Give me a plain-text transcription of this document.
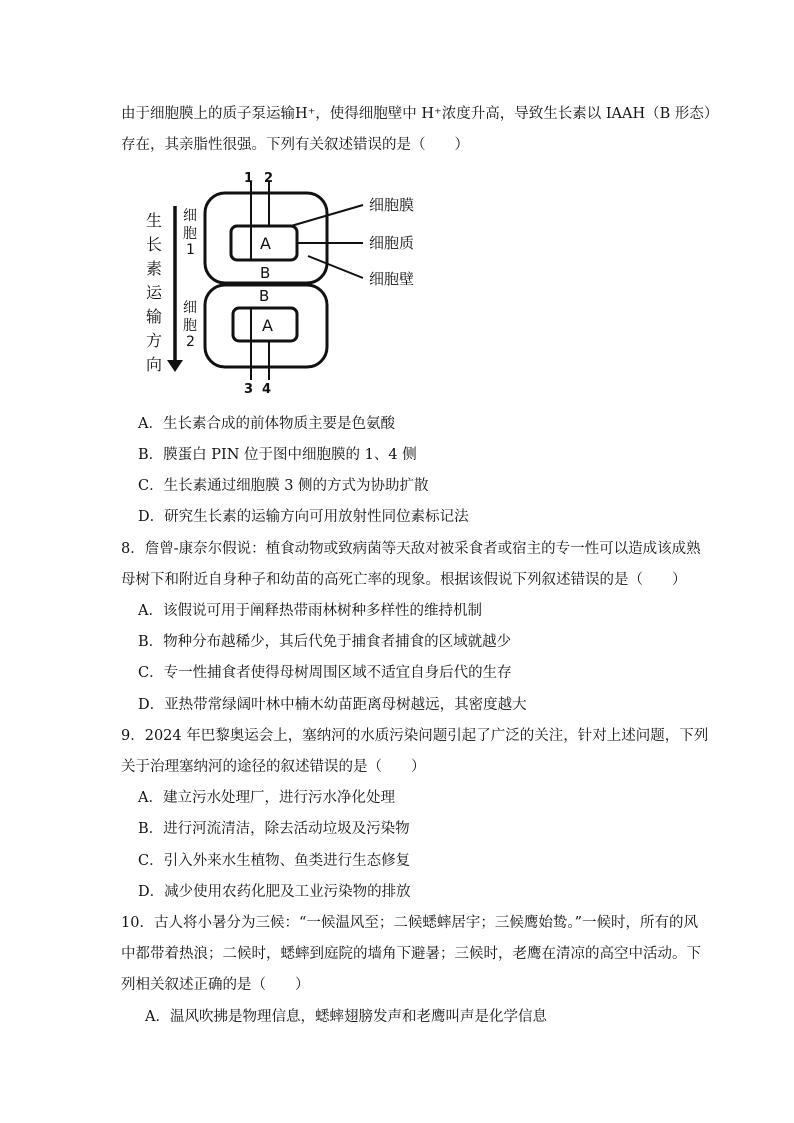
由于细胞膜上的质子泵运输H⁺，使得细胞壁中 H⁺浓度升高，导致生长素以 IAAH（B 形态）
存在，其亲脂性很强。下列有关叙述错误的是（　　）
生
长
素
运
输
方
向
细
胞
1
细
胞
2
A
B
A
B
1 2
3 4
细胞膜
细胞质
细胞壁
A．生长素合成的前体物质主要是色氨酸
B．膜蛋白 PIN 位于图中细胞膜的 1、4 侧
C．生长素通过细胞膜 3 侧的方式为协助扩散
D．研究生长素的运输方向可用放射性同位素标记法
8．詹曾-康奈尔假说：植食动物或致病菌等天敌对被采食者或宿主的专一性可以造成该成熟
母树下和附近自身种子和幼苗的高死亡率的现象。根据该假说下列叙述错误的是（　　）
A．该假说可用于阐释热带雨林树种多样性的维持机制
B．物种分布越稀少，其后代免于捕食者捕食的区域就越少
C．专一性捕食者使得母树周围区域不适宜自身后代的生存
D．亚热带常绿阔叶林中楠木幼苗距离母树越远，其密度越大
9．2024 年巴黎奥运会上，塞纳河的水质污染问题引起了广泛的关注，针对上述问题，下列
关于治理塞纳河的途径的叙述错误的是（　　）
A．建立污水处理厂，进行污水净化处理
B．进行河流清洁，除去活动垃圾及污染物
C．引入外来水生植物、鱼类进行生态修复
D．减少使用农药化肥及工业污染物的排放
10．古人将小暑分为三候：“一候温风至；二候蟋蟀居宇；三候鹰始鸷。”一候时，所有的风
中都带着热浪；二候时，蟋蟀到庭院的墙角下避暑；三候时，老鹰在清凉的高空中活动。下
列相关叙述正确的是（　　）
A．温风吹拂是物理信息，蟋蟀翅膀发声和老鹰叫声是化学信息
